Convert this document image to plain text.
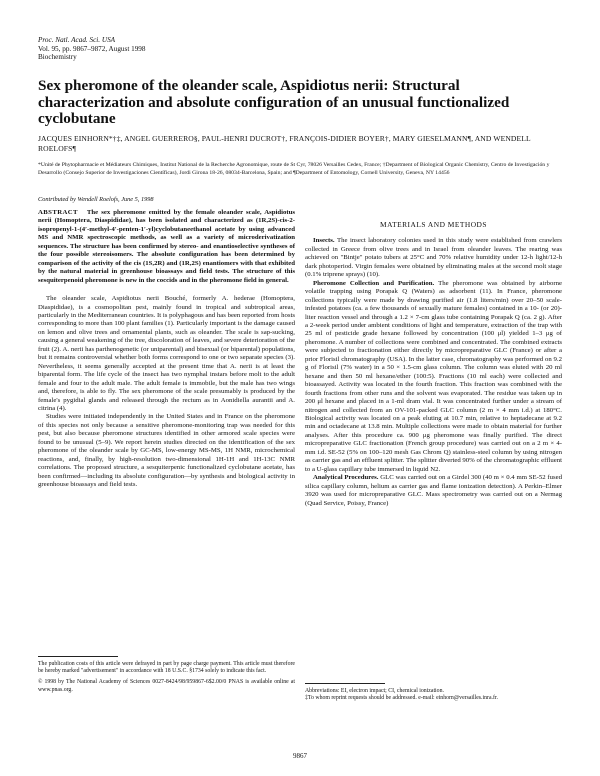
Proc. Natl. Acad. Sci. USA
Vol. 95, pp. 9867–9872, August 1998
Biochemistry
Sex pheromone of the oleander scale, Aspidiotus nerii: Structural characterization and absolute configuration of an unusual functionalized cyclobutane
JACQUES EINHORN*†‡, ANGEL GUERRERO§, PAUL-HENRI DUCROT†, FRANÇOIS-DIDIER BOYER†, MARY GIESELMANN¶, AND WENDELL ROELOFS¶
*Unité de Phytopharmacie et Médiateurs Chimiques, Institut National de la Recherche Agronomique, route de St Cyr, 78026 Versailles Cedex, France; †Department of Biological Organic Chemistry, Centro de Investigación y Desarrollo (Consejo Superior de Investigaciones Científicas), Jordi Girona 18-26, 08034-Barcelona, Spain; and ¶Department of Entomology, Cornell University, Geneva, NY 14456
Contributed by Wendell Roelofs, June 5, 1998
ABSTRACT The sex pheromone emitted by the female oleander scale, Aspidiotus nerii (Homoptera, Diaspididae), has been isolated and characterized as (1R,2S)-cis-2-isopropenyl-1-(4′-methyl-4′-penten-1′-yl)cyclobutaneethanol acetate by using advanced MS and NMR spectroscopic methods, as well as a variety of microderivatization sequences. The structure has been confirmed by stereo- and enantioselective syntheses of the four possible stereoisomers. The absolute configuration has been determined by comparison of the activity of the cis (1S,2R) and (1R,2S) enantiomers with that exhibited by the natural material in greenhouse bioassays and field tests. The structure of this sesquiterpenoid pheromone is new in the coccids and in the pheromone field in general.

The oleander scale, Aspidiotus nerii Bouché, formerly A. hederae (Homoptera, Diaspididae), is a cosmopolitan pest, mainly found in tropical and subtropical areas, particularly in the Mediterranean countries. It is polyphagous and has been reported from hosts corresponding to more than 100 plant families (1). Particularly important is the damage caused on lemon and olive trees and ornamental plants, such as oleander. The scale is sap-sucking, causing a general weakening of the tree, discoloration of leaves, and severe deterioration of the fruit (2). A. nerii has parthenogenetic (or uniparental) and bisexual (or biparental) populations, but it remains controversial whether both forms correspond to one or two separate species (3). Nevertheless, it seems generally accepted at the present time that A. nerii is at least the biparental form. The life cycle of the insect has two nymphal instars before molt to the adult female and four to the adult male. The adult female is immobile, but the male has two wings and, therefore, is able to fly. The sex pheromone of the scale presumably is produced by the female's pygidial glands and released through the rectum as in Aonidiella aurantii and A. citrina (4).

Studies were initiated independently in the United States and in France on the pheromone of this species not only because a sensitive pheromone-monitoring trap was needed for this pest, but also because pheromone structures identified in other armored scale species were found to be unusual (5–9). We report herein studies directed on the identification of the sex pheromone of the oleander scale by GC-MS, low-energy MS-MS, 1H NMR, microchemical reactions, and, finally, by high-resolution two-dimensional 1H-1H and 1H-13C NMR correlations. The proposed structure, a sesquiterpenic functionalized cyclobutane acetate, has been confirmed—including its absolute configuration—by synthesis and biological activity in greenhouse bioassays and field tests.

MATERIALS AND METHODS

Insects. The insect laboratory colonies used in this study were established from crawlers collected in Greece from olive trees and in Israel from oleander leaves. The rearing was achieved on "Bintje" potato tubers at 25°C and 70% relative humidity under 12-h light/12-h dark photoperiod. Virgin females were obtained by eliminating males at the second molt stage (0.1% triprene sprays) (10).

Pheromone Collection and Purification. The pheromone was obtained by airborne volatile trapping using Porapak Q (Waters) as adsorbent (11). In France, pheromone collections typically were made by drawing purified air (1.8 liters/min) over 20–50 scale-infested potatoes (ca. a few thousands of sexually mature females) contained in a 10- (or 20)-liter reaction vessel and through a 1.2 × 7-cm glass tube containing Porapak Q (ca. 2 g). After a 2-week period under ambient conditions of light and temperature, extraction of the trap with 25 ml of pesticide grade hexane followed by concentration (100 μl) yielded 1–3 μg of pheromone. A number of collections were combined and concentrated. The combined extracts were subjected to fractionation either directly by micropreparative GLC (France) or after a prior Florisil chromatography (USA). In the latter case, chromatography was performed on 9.2 g of Florisil (7% water) in a 50 × 1.5-cm glass column. The column was eluted with 20 ml hexane and then 50 ml hexane/ether (100:5). Fractions (10 ml each) were collected and bioassayed. Activity was located in the fourth fraction. This fraction was combined with the fourth fractions from other runs and the solvent was evaporated. The residue was taken up in 200 μl hexane and placed in a 1-ml dram vial. It was concentrated further under a stream of nitrogen and collected from an OV-101-packed GLC column (2 m × 4 mm i.d.) at 180°C. Biological activity was located on a peak eluting at 10.7 min, relative to heptadecane at 9.2 min and octadecane at 13.8 min. Multiple collections were made to obtain material for further analyses. After this procedure ca. 900 μg pheromone was finally purified. The direct micropreparative GLC fractionation (French group procedure) was carried out on a 2 m × 4-mm i.d. SE-52 (5% on 100–120 mesh Gas Chrom Q) stainless-steel column by using nitrogen as carrier gas and an effluent splitter. The splitter diverted 90% of the chromatographic effluent to a U-glass capillary tube immersed in liquid N2.

Analytical Procedures. GLC was carried out on a Girdel 300 (40 m × 0.4 mm SE-52 fused silica capillary column, helium as carrier gas and flame ionization detection). A Perkin–Elmer 3920 was used for micropreparative GLC. Mass spectrometry was carried out on a Nermag (Quad Service, Poissy, France)

The publication costs of this article were defrayed in part by page charge payment. This article must therefore be hereby marked "advertisement" in accordance with 18 U.S.C. §1734 solely to indicate this fact.
© 1998 by The National Academy of Sciences 0027-8424/98/959867-6$2.00/0 PNAS is available online at www.pnas.org.	Abbreviations: EI, electron impact; CI, chemical ionization.
‡To whom reprint requests should be addressed. e-mail: einhorn@versailles.inra.fr.
9867
